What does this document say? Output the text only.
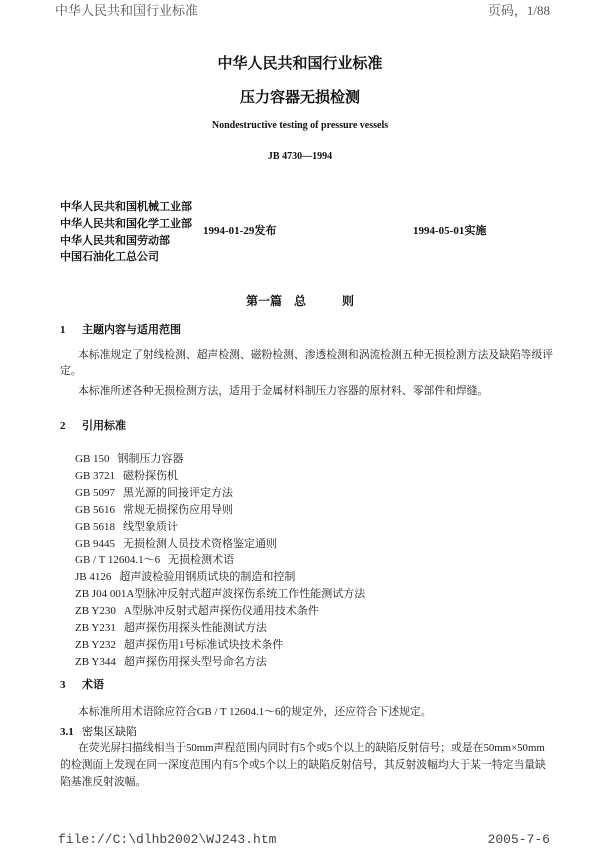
中华人民共和国行业标准	页码，1/88
中华人民共和国行业标准
压力容器无损检测
Nondestructive testing of pressure vessels
JB 4730—1994
中华人民共和国机械工业部
中华人民共和国化学工业部
中华人民共和国劳动部
中国石油化工总公司
1994-01-29发布	1994-05-01实施
第一篇　总　　　则
1 主题内容与适用范围
本标准规定了射线检测、超声检测、磁粉检测、渗透检测和涡流检测五种无损检测方法及缺陷等级评定。
本标准所述各种无损检测方法，适用于金属材料制压力容器的原材料、零部件和焊缝。
2 引用标准
GB 150 钢制压力容器
GB 3721 磁粉探伤机
GB 5097 黑光源的间接评定方法
GB 5616 常规无损探伤应用导则
GB 5618 线型象质计
GB 9445 无损检测人员技术资格鉴定通则
GB / T 12604.1～6 无损检测术语
JB 4126 超声波检验用钢质试块的制造和控制
ZB J04 001A型脉冲反射式超声波探伤系统工作性能测试方法
ZB Y230 A型脉冲反射式超声探伤仪通用技术条件
ZB Y231 超声探伤用探头性能测试方法
ZB Y232 超声探伤用1号标准试块技术条件
ZB Y344 超声探伤用探头型号命名方法
3 术语
本标准所用术语除应符合GB / T 12604.1～6的规定外，还应符合下述规定。
3.1 密集区缺陷
在荧光屏扫描线相当于50mm声程范围内同时有5个或5个以上的缺陷反射信号；或是在50mm×50mm的检测面上发现在同一深度范围内有5个或5个以上的缺陷反射信号，其反射波幅均大于某一特定当量缺陷基准反射波幅。
file://C:\dlhb2002\WJ243.htm	2005-7-6
